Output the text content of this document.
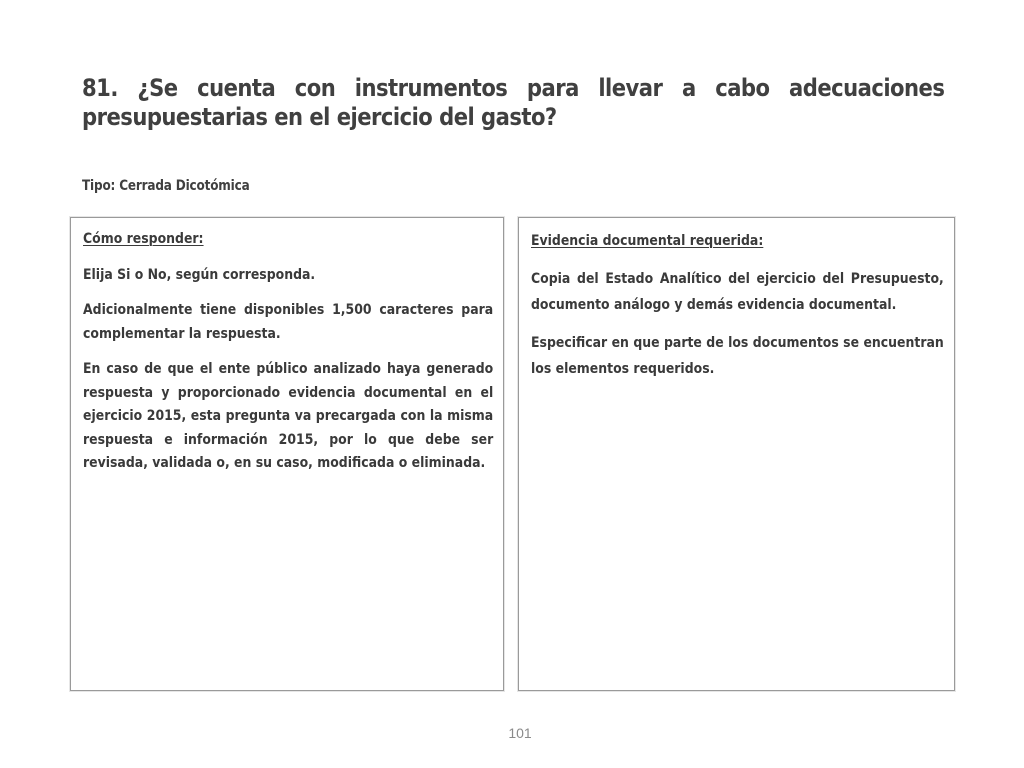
81. ¿Se cuenta con instrumentos para llevar a cabo adecuaciones
presupuestarias en el ejercicio del gasto?
Tipo: Cerrada Dicotómica

Cómo responder:

Elija Si o No, según corresponda.

Adicionalmente tiene disponibles 1,500 caracteres para complementar la respuesta.

En caso de que el ente público analizado haya generado respuesta y proporcionado evidencia documental en el ejercicio 2015, esta pregunta va precargada con la misma respuesta e información 2015, por lo que debe ser revisada, validada o, en su caso, modificada o eliminada.

Evidencia documental requerida:

Copia del Estado Analítico del ejercicio del Presupuesto, documento análogo y demás evidencia documental.

Especificar en que parte de los documentos se encuentran los elementos requeridos.

101
